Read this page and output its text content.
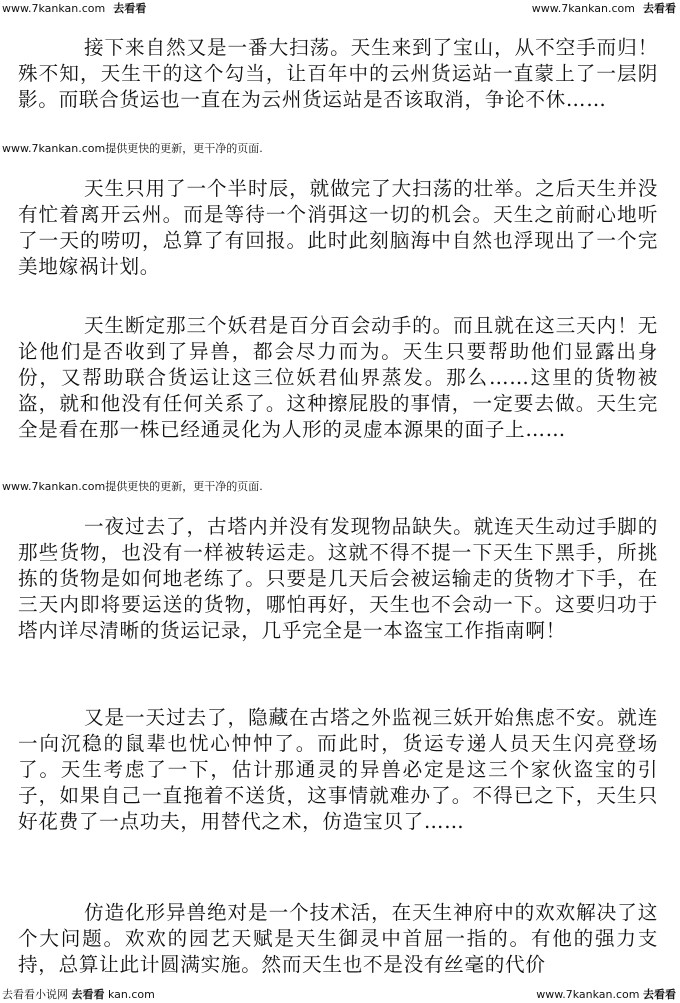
www.7kankan.com 去看看	www.7kankan.com 去看看

接下来自然又是一番大扫荡。天生来到了宝山，从不空手而归！殊不知，天生干的这个勾当，让百年中的云州货运站一直蒙上了一层阴影。而联合货运也一直在为云州货运站是否该取消，争论不休……

www.7kankan.com提供更快的更新，更干净的页面.

天生只用了一个半时辰，就做完了大扫荡的壮举。之后天生并没有忙着离开云州。而是等待一个消弭这一切的机会。天生之前耐心地听了一天的唠叨，总算了有回报。此时此刻脑海中自然也浮现出了一个完美地嫁祸计划。

天生断定那三个妖君是百分百会动手的。而且就在这三天内！无论他们是否收到了异兽，都会尽力而为。天生只要帮助他们显露出身份，又帮助联合货运让这三位妖君仙界蒸发。那么……这里的货物被盗，就和他没有任何关系了。这种擦屁股的事情，一定要去做。天生完全是看在那一株已经通灵化为人形的灵虚本源果的面子上……

www.7kankan.com提供更快的更新，更干净的页面.

一夜过去了，古塔内并没有发现物品缺失。就连天生动过手脚的那些货物，也没有一样被转运走。这就不得不提一下天生下黑手，所挑拣的货物是如何地老练了。只要是几天后会被运输走的货物才下手，在三天内即将要运送的货物，哪怕再好，天生也不会动一下。这要归功于塔内详尽清晰的货运记录，几乎完全是一本盗宝工作指南啊！

又是一天过去了，隐藏在古塔之外监视三妖开始焦虑不安。就连一向沉稳的鼠辈也忧心忡忡了。而此时，货运专递人员天生闪亮登场了。天生考虑了一下，估计那通灵的异兽必定是这三个家伙盗宝的引子，如果自己一直拖着不送货，这事情就难办了。不得已之下，天生只好花费了一点功夫，用替代之术，仿造宝贝了……

仿造化形异兽绝对是一个技术活，在天生神府中的欢欢解决了这个大问题。欢欢的园艺天赋是天生御灵中首屈一指的。有他的强力支持，总算让此计圆满实施。然而天生也不是没有丝毫的代价

去看看小说网 去看看 kan.com	www.7kankan.com 去看看
